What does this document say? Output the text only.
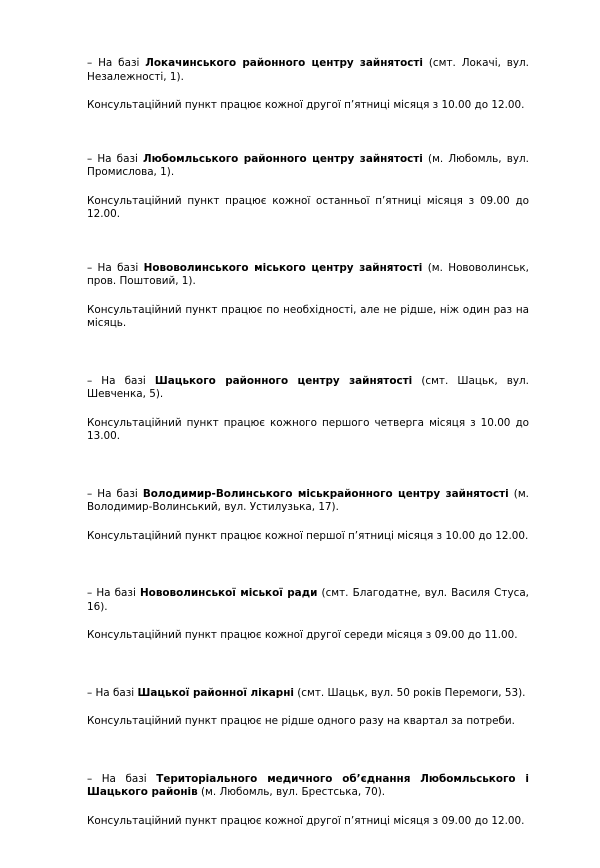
– На базі Локачинського районного центру зайнятості (смт. Локачі, вул. Незалежності, 1).

Консультаційний пункт працює кожної другої п’ятниці місяця з 10.00 до 12.00.

– На базі Любомльського районного центру зайнятості (м. Любомль, вул. Промислова, 1).

Консультаційний пункт працює кожної останньої п’ятниці місяця з 09.00 до 12.00.

– На базі Нововолинського міського центру зайнятості (м. Нововолинськ, пров. Поштовий, 1).

Консультаційний пункт працює по необхідності, але не рідше, ніж один раз на місяць.

– На базі Шацького районного центру зайнятості (смт. Шацьк, вул. Шевченка, 5).

Консультаційний пункт працює кожного першого четверга місяця з 10.00 до 13.00.

– На базі Володимир-Волинського міськрайонного центру зайнятості (м. Володимир-Волинський, вул. Устилузька, 17).

Консультаційний пункт працює кожної першої п’ятниці місяця з 10.00 до 12.00.

– На базі Нововолинської міської ради (смт. Благодатне, вул. Василя Стуса, 16).

Консультаційний пункт працює кожної другої середи місяця з 09.00 до 11.00.

– На базі Шацької районної лікарні (смт. Шацьк, вул. 50 років Перемоги, 53).

Консультаційний пункт працює не рідше одного разу на квартал за потреби.

– На базі Територіального медичного об’єднання Любомльського і Шацького районів (м. Любомль, вул. Брестська, 70).

Консультаційний пункт працює кожної другої п’ятниці місяця з 09.00 до 12.00.
